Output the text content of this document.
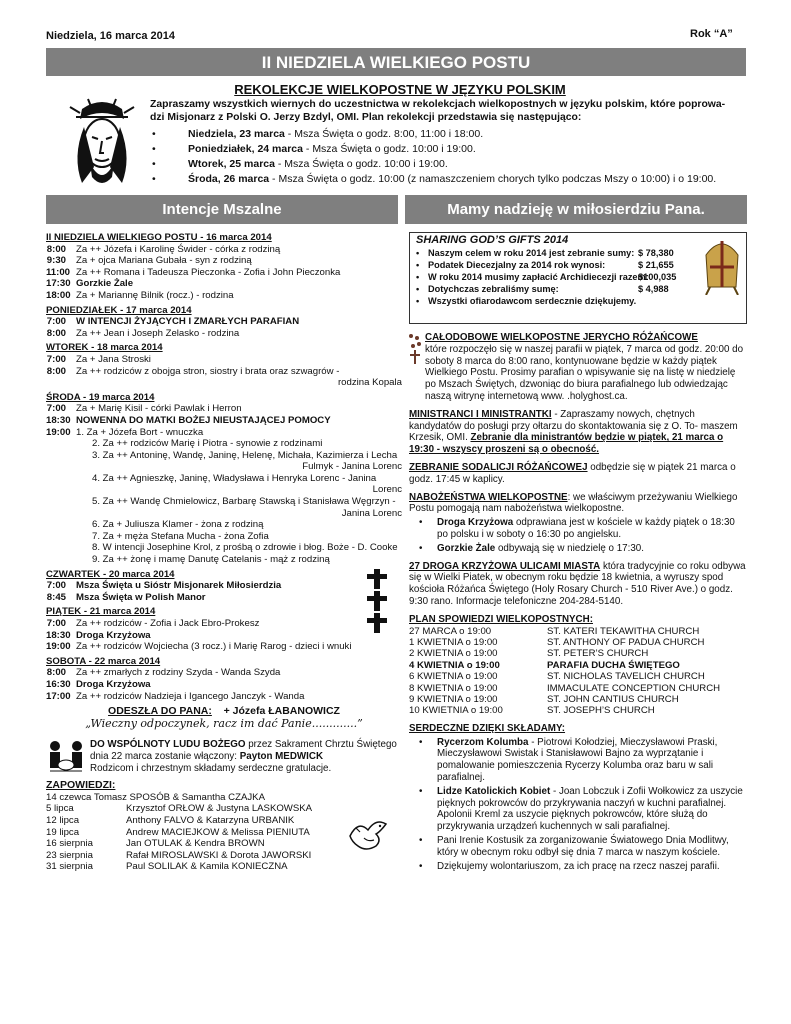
Niedziela, 16 marca 2014	Rok “A”
II NIEDZIELA WIELKIEGO POSTU
REKOLEKCJE WIELKOPOSTNE W JĘZYKU POLSKIM
Zapraszamy wszystkich wiernych do uczestnictwa w rekolekcjach wielkopostnych w języku polskim, które poprowa- dzi Misjonarz z Polski O. Jerzy Bzdyl, OMI. Plan rekolekcji przedstawia się następująco:
• Niedziela, 23 marca - Msza Święta o godz. 8:00, 11:00 i 18:00.
• Poniedziałek, 24 marca - Msza Święta o godz. 10:00 i 19:00.
• Wtorek, 25 marca - Msza Święta o godz. 10:00 i 19:00.
• Środa, 26 marca - Msza Święta o godz. 10:00 (z namaszczeniem chorych tylko podczas Mszy o 10:00) i o 19:00.
Intencje Mszalne	Mamy nadzieję w miłosierdziu Pana.
II NIEDZIELA WIELKIEGO POSTU - 16 marca 2014
8:00	Za ++ Józefa i Karolinę Świder - córka z rodziną
9:30	Za + ojca Mariana Gubała - syn z rodziną
11:00 Za ++ Romana i Tadeusza Pieczonka - Zofia i John Pieczonka
17:30 Gorzkie Żale
18:00 Za + Mariannę Bilnik (rocz.) - rodzina
PONIEDZIAŁEK - 17 marca 2014
7:00	W INTENCJI ŻYJĄCYCH I ZMARŁYCH PARAFIAN
8:00	Za ++ Jean i Joseph Zelasko - rodzina
WTOREK - 18 marca 2014
7:00	Za + Jana Stroski
8:00	Za ++ rodziców z obojga stron, siostry i brata oraz szwagrów -
rodzina Kopala
ŚRODA - 19 marca 2014
7:00	Za + Marię Kisil - córki Pawlak i Herron
18:30 NOWENNA DO MATKI BOŻEJ NIEUSTAJĄCEJ POMOCY
19:00 1. Za + Józefa Bort - wnuczka
2. Za ++ rodziców Marię i Piotra - synowie z rodzinami
3. Za ++ Antoninę, Wandę, Janinę, Helenę, Michała, Kazimierza i Lecha
Fulmyk - Janina Lorenc
4. Za ++ Agnieszkę, Janinę, Władysława i Henryka Lorenc - Janina
Lorenc
5. Za ++ Wandę Chmielowicz, Barbarę Stawską i Stanisława Węgrzyn -
Janina Lorenc
6. Za + Juliusza Klamer - żona z rodziną
7. Za + męża Stefana Mucha - żona Zofia
8. W intencji Josephine Krol, z prośbą o zdrowie i błog. Boże - D. Cooke
9. Za ++ żonę i mamę Danutę Catelanis - mąż z rodziną
CZWARTEK - 20 marca 2014
7:00	Msza Święta u Sióstr Misjonarek Miłosierdzia
8:45	Msza Święta w Polish Manor
PIĄTEK - 21 marca 2014
7:00	Za ++ rodziców - Zofia i Jack Ebro-Prokesz
18:30 Droga Krzyżowa
19:00 Za ++ rodziców Wojciecha (3 rocz.) i Marię Rarog - dzieci i wnuki
SOBOTA - 22 marca 2014
8:00	Za ++ zmarłych z rodziny Szyda - Wanda Szyda
16:30 Droga Krzyżowa
17:00 Za ++ rodziców Nadzieja i Igancego Janczyk - Wanda
ODESZŁA DO PANA: + Józefa ŁABANOWICZ
„Wieczny odpoczynek, racz im dać Panie.............”
DO WSPÓLNOTY LUDU BOŻEGO przez Sakrament Chrztu Świętego dnia 22 marca zostanie włączony: Payton MEDWICK
Rodzicom i chrzestnym składamy serdeczne gratulacje.
ZAPOWIEDZI:
14 czewca Tomasz SPOSÓB & Samantha CZAJKA
5 lipca	Krzysztof ORŁOW & Justyna LASKOWSKA
12 lipca	Anthony FALVO & Katarzyna URBANIK
19 lipca	Andrew MACIEJKOW & Melissa PIENIUTA
16 sierpnia	Jan OTULAK & Kendra BROWN
23 sierpnia	Rafał MIROSLAWSKI & Dorota JAWORSKI
31 sierpnia	Paul SOLILAK & Kamila KONIECZNA
SHARING GOD’S GIFTS 2014
• Naszym celem w roku 2014 jest zebranie sumy: $ 78,380
• Podatek Diecezjalny za 2014 rok wynosi:	$ 21,655
• W roku 2014 musimy zapłacić Archidiecezji razem:
$100,035
• Dotychczas zebraliśmy sumę:	$ 4,988
• Wszystki ofiarodawcom serdecznie dziękujemy.
CAŁODOBOWE WIELKOPOSTNE JERYCHO RÓŻAŃCOWE
które rozpoczęło się w naszej parafii w piątek, 7 marca od godz. 20:00 do soboty 8 marca do 8:00 rano, kontynuowane będzie w każdy piątek Wielkiego Postu. Prosimy parafian o wpisywanie się na listę w niedzielę po Mszach Świętych, dzwoniąc do biura parafialnego lub odwiedzając naszą witrynę internetową www. .holyghost.ca.
MINISTRANCI I MINISTRANTKI - Zapraszamy nowych, chętnych kandydatów do posługi przy ołtarzu do skontaktowania się z O. To- maszem Krzesik, OMI. Zebranie dla ministrantów będzie w piątek, 21 marca o 19:30 - wszyscy proszeni są o obecność.
ZEBRANIE SODALICJI RÓŻAŃCOWEJ odbędzie się w piątek 21 marca o godz. 17:45 w kaplicy.
NABOŻEŃSTWA WIELKOPOSTNE: we właściwym przeżywaniu Wielkiego Postu pomogają nam nabożeństwa wielkopostne.
• Droga Krzyżowa odprawiana jest w kościele w każdy piątek o 18:30 po polsku i w soboty o 16:30 po angielsku.
• Gorzkie Żale odbywają się w niedzielę o 17:30.
27 DROGA KRZYŻOWA ULICAMI MIASTA która tradycyjnie co roku odbywa się w Wielki Piatek, w obecnym roku będzie 18 kwietnia, a wyruszy spod kościoła Różańca Świętego (Holy Rosary Church - 510 River Ave.) o godz. 9:30 rano. Informacje telefoniczne 204-284-5140.
PLAN SPOWIEDZI WIELKOPOSTNYCH:
27 MARCA o 19:00	ST. KATERI TEKAWITHA CHURCH
1 KWIETNIA o 19:00	ST. ANTHONY OF PADUA CHURCH
2 KWIETNIA o 19:00	ST. PETER’S CHURCH
4 KWIETNIA o 19:00	PARAFIA DUCHA ŚWIĘTEGO
6 KWIETNIA o 19:00	ST. NICHOLAS TAVELICH CHURCH
8 KWIETNIA o 19:00	IMMACULATE CONCEPTION CHURCH
9 KWIETNIA o 19:00	ST. JOHN CANTIUS CHURCH
10 KWIETNIA o 19:00	ST. JOSEPH’S CHURCH
SERDECZNE DZIĘKI SKŁADAMY:
• Rycerzom Kolumba - Piotrowi Kołodziej, Mieczysławowi Praski, Mieczysławowi Swistak i Stanisławowi Bajno za wyprzątanie i pomalowanie pomieszczenia Rycerzy Kolumba oraz baru w sali parafialnej.
• Lidze Katolickich Kobiet - Joan Lobczuk i Zofii Wołkowicz za uszycie pięknych pokrowców do przykrywania naczyń w kuchni parafialnej. Apolonii Kreml za uszycie pięknych pokrowców, które służą do przykrywania urządzeń kuchennych w sali parafialnej.
• Pani Irenie Kostusik za zorganizowanie Światowego Dnia Modlitwy, który w obecnym roku odbył się dnia 7 marca w naszym kościele.
• Dziękujemy wolontariuszom, za ich pracę na rzecz naszej parafii.
